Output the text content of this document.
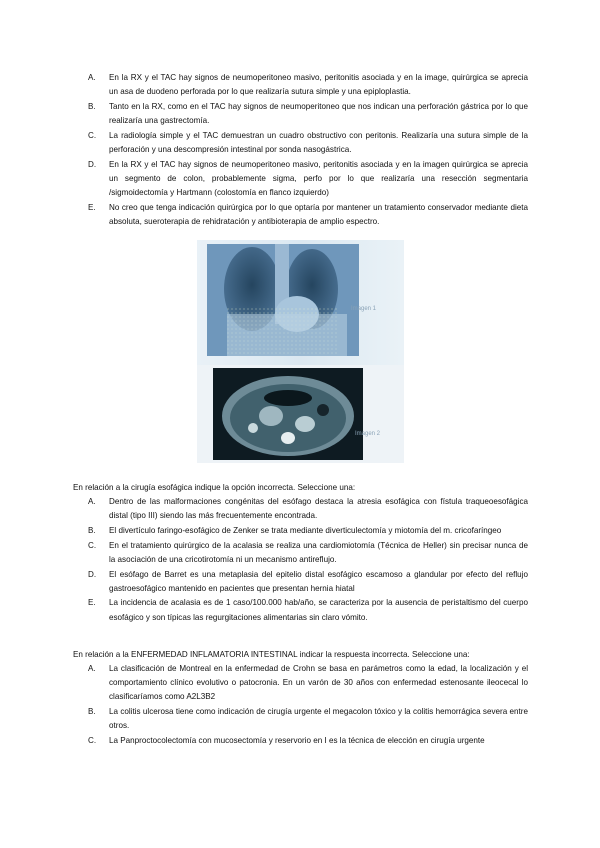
A. En la RX y el TAC hay signos de neumoperitoneo masivo, peritonitis asociada y en la image, quirúrgica se aprecia un asa de duodeno perforada por lo que realizaría sutura simple y una epiploplastia.
B. Tanto en la RX, como en el TAC hay signos de neumoperitoneo que nos indican una perforación gástrica por lo que realizaría una gastrectomía.
C. La radiología simple y el TAC demuestran un cuadro obstructivo con peritonis. Realizaría una sutura simple de la perforación y una descompresión intestinal por sonda nasogástrica.
D. En la RX y el TAC hay signos de neumoperitoneo masivo, peritonitis asociada y en la imagen quirúrgica se aprecia un segmento de colon, probablemente sigma, perfo por lo que realizaría una resección segmentaria /sigmoidectomía y Hartmann (colostomía en flanco izquierdo)
E. No creo que tenga indicación quirúrgica por lo que optaría por mantener un tratamiento conservador mediante dieta absoluta, sueroterapia de rehidratación y antibioterapia de amplio espectro.
Imagen 1
Imagen 2
En relación a la cirugía esofágica indique la opción incorrecta. Seleccione una:
A. Dentro de las malformaciones congénitas del esófago destaca la atresia esofágica con fístula traqueoesofágica distal (tipo III) siendo las más frecuentemente encontrada.
B. El divertículo faringo-esofágico de Zenker se trata mediante diverticulectomía y miotomía del m. cricofaríngeo
C. En el tratamiento quirúrgico de la acalasia se realiza una cardiomiotomía (Técnica de Heller) sin precisar nunca de la asociación de una cricotirotomía ni un mecanismo antireflujo.
D. El esófago de Barret es una metaplasia del epitelio distal esofágico escamoso a glandular por efecto del reflujo gastroesofágico mantenido en pacientes que presentan hernia hiatal
E. La incidencia de acalasia es de 1 caso/100.000 hab/año, se caracteriza por la ausencia de peristaltismo del cuerpo esofágico y son típicas las regurgitaciones alimentarias sin claro vómito.
En relación a la ENFERMEDAD INFLAMATORIA INTESTINAL indicar la respuesta incorrecta. Seleccione una:
A. La clasificación de Montreal en la enfermedad de Crohn se basa en parámetros como la edad, la localización y el comportamiento clínico evolutivo o patocronia. En un varón de 30 años con enfermedad estenosante ileocecal lo clasificaríamos como A2L3B2
B. La colitis ulcerosa tiene como indicación de cirugía urgente el megacolon tóxico y la colitis hemorrágica severa entre otros.
C. La Panproctocolectomía con mucosectomía y reservorio en I es la técnica de elección en cirugía urgente
